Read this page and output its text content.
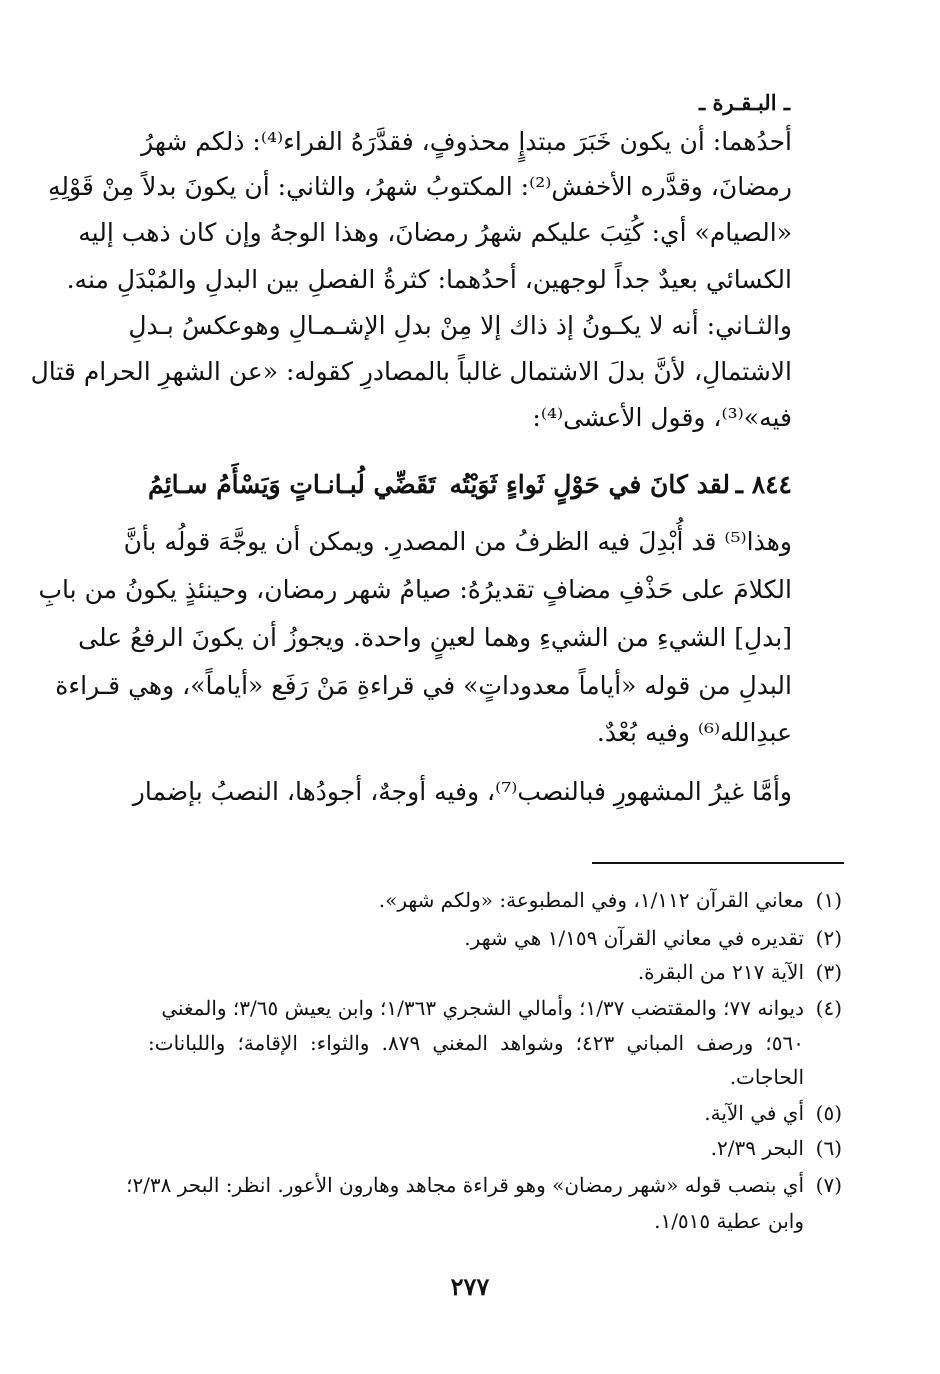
ـ البـقـرة ـ
أحدُهما: أن يكون خَبَرَ مبتدإٍ محذوفٍ، فقدَّرَهُ الفراء⁽⁴⁾: ذلكم شهرُ
رمضانَ، وقدَّره الأخفش⁽²⁾: المكتوبُ شهرُ، والثاني: أن يكونَ بدلاً مِنْ قَوْلِهِ
«الصيام» أي: كُتِبَ عليكم شهرُ رمضانَ، وهذا الوجهُ وإن كان ذهب إليه
الكسائي بعيدٌ جداً لوجهين، أحدُهما: كثرةُ الفصلِ بين البدلِ والمُبْدَلِ منه.
والثـاني: أنه لا يكـونُ إذ ذاك إلا مِنْ بدلِ الإشـمـالِ وهوعكسُ بـدلِ
الاشتمالِ، لأنَّ بدلَ الاشتمال غالباً بالمصادرِ كقوله: «عن الشهرِ الحرام قتال
فيه»⁽³⁾، وقول الأعشى⁽⁴⁾:
٨٤٤ ـ
لقد كانَ في حَوْلٍ ثَواءٍ ثَوَيْتُه
تَقَضِّي لُبـانـاتٍ وَيَسْأَمُ سـائِمُ
وهذا⁽⁵⁾ قد أُبْدِلَ فيه الظرفُ من المصدرِ. ويمكن أن يوجَّهَ قولُه بأنَّ
الكلامَ على حَذْفِ مضافٍ تقديرُهُ: صيامُ شهر رمضان، وحينئذٍ يكونُ من بابِ
[بدلِ] الشيءِ من الشيءِ وهما لعينٍ واحدة. ويجوزُ أن يكونَ الرفعُ على
البدلِ من قوله «أياماً معدوداتٍ» في قراءةِ مَنْ رَفَع «أياماً»، وهي قـراءة
عبدِالله⁽⁶⁾ وفيه بُعْدٌ.
وأمَّا غيرُ المشهورِ فبالنصب⁽⁷⁾، وفيه أوجهٌ، أجودُها، النصبُ بإضمار
(١)معاني القرآن ١/١١٢، وفي المطبوعة: «ولكم شهر».
(٢)تقديره في معاني القرآن ١/١٥٩ هي شهر.
(٣)الآية ٢١٧ من البقرة.
(٤)ديوانه ٧٧؛ والمقتضب ١/٣٧؛ وأمالي الشجري ١/٣٦٣؛ وابن يعيش ٣/٦٥؛ والمغني
٥٦٠؛ ورصف المباني ٤٢٣؛ وشواهد المغني ٨٧٩. والثواء: الإقامة؛ واللبانات:
الحاجات.
(٥)أي في الآية.
(٦)البحر ٢/٣٩.
(٧)أي بنصب قوله «شهر رمضان» وهو قراءة مجاهد وهارون الأعور. انظر: البحر ٢/٣٨؛
وابن عطية ١/٥١٥.
٢٧٧
